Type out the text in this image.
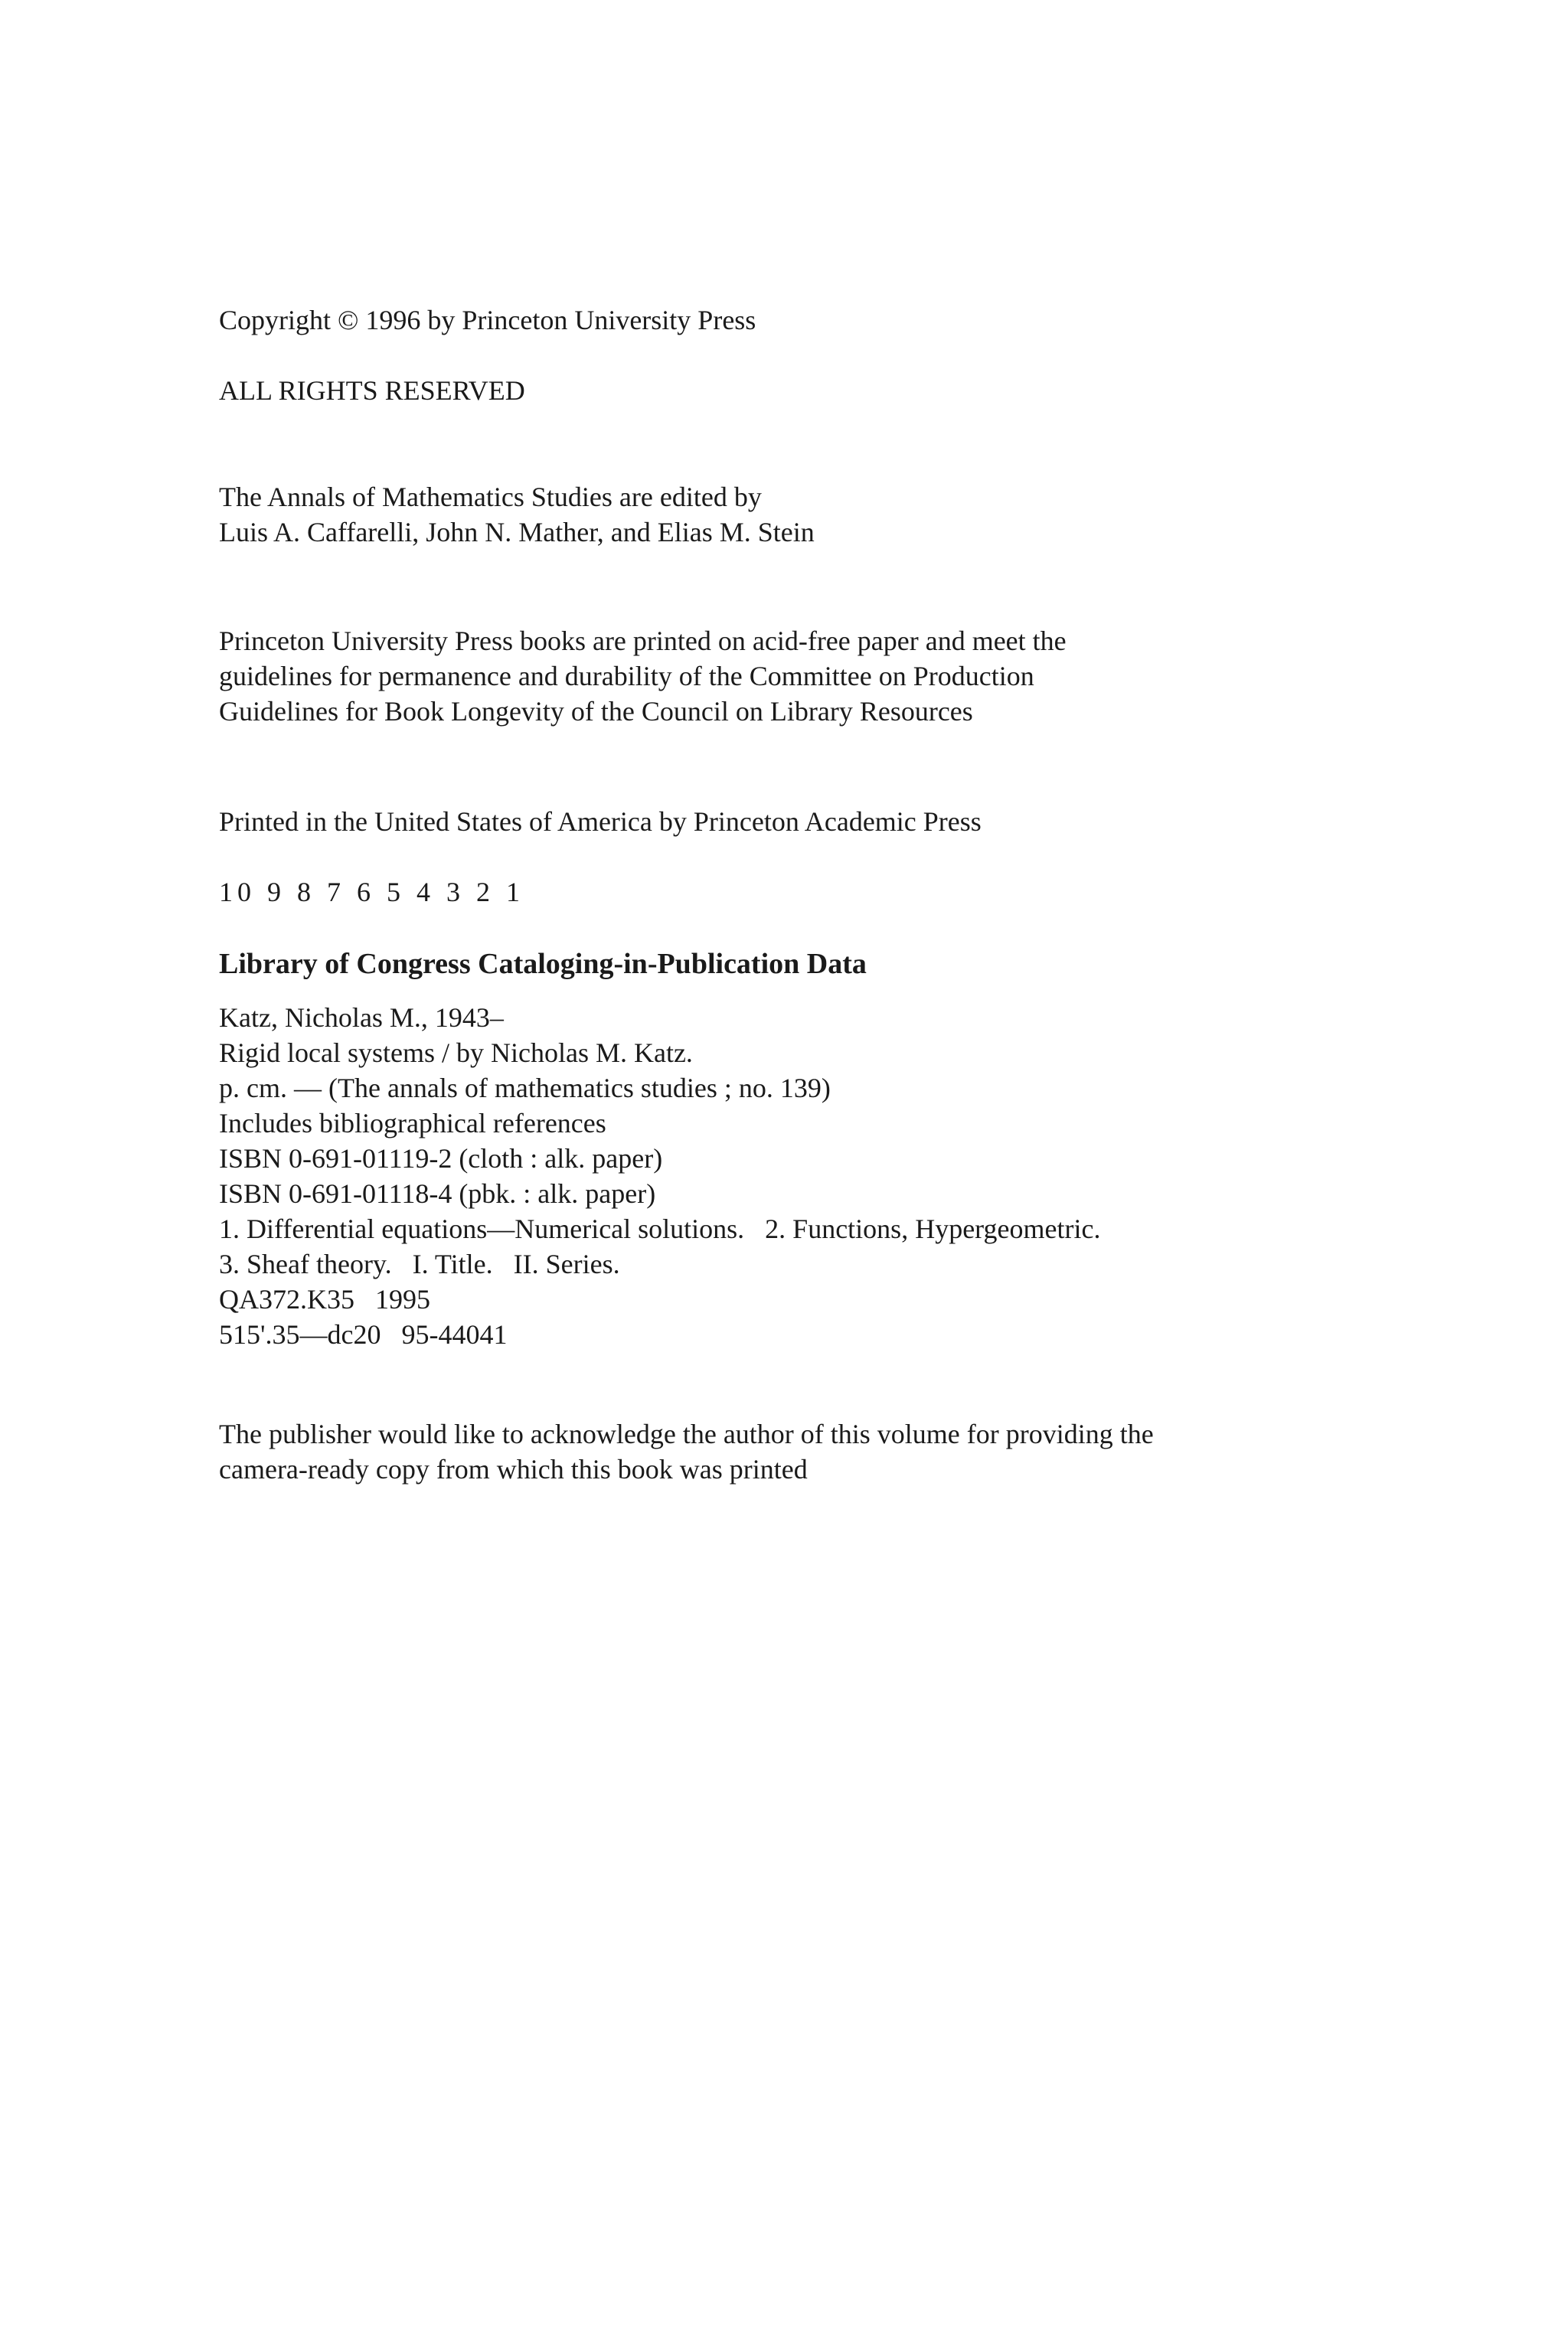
Copyright © 1996 by Princeton University Press

ALL RIGHTS RESERVED

The Annals of Mathematics Studies are edited by
Luis A. Caffarelli, John N. Mather, and Elias M. Stein

Princeton University Press books are printed on acid-free paper and meet the
guidelines for permanence and durability of the Committee on Production
Guidelines for Book Longevity of the Council on Library Resources

Printed in the United States of America by Princeton Academic Press

10 9 8 7 6 5 4 3 2 1

Library of Congress Cataloging-in-Publication Data

Katz, Nicholas M., 1943–
Rigid local systems / by Nicholas M. Katz.
p. cm. — (The annals of mathematics studies ; no. 139)
Includes bibliographical references
ISBN 0-691-01119-2 (cloth : alk. paper)
ISBN 0-691-01118-4 (pbk. : alk. paper)
1. Differential equations—Numerical solutions.   2. Functions, Hypergeometric.
3. Sheaf theory.   I. Title.   II. Series.
QA372.K35   1995
515'.35—dc20   95-44041

The publisher would like to acknowledge the author of this volume for providing the
camera-ready copy from which this book was printed
